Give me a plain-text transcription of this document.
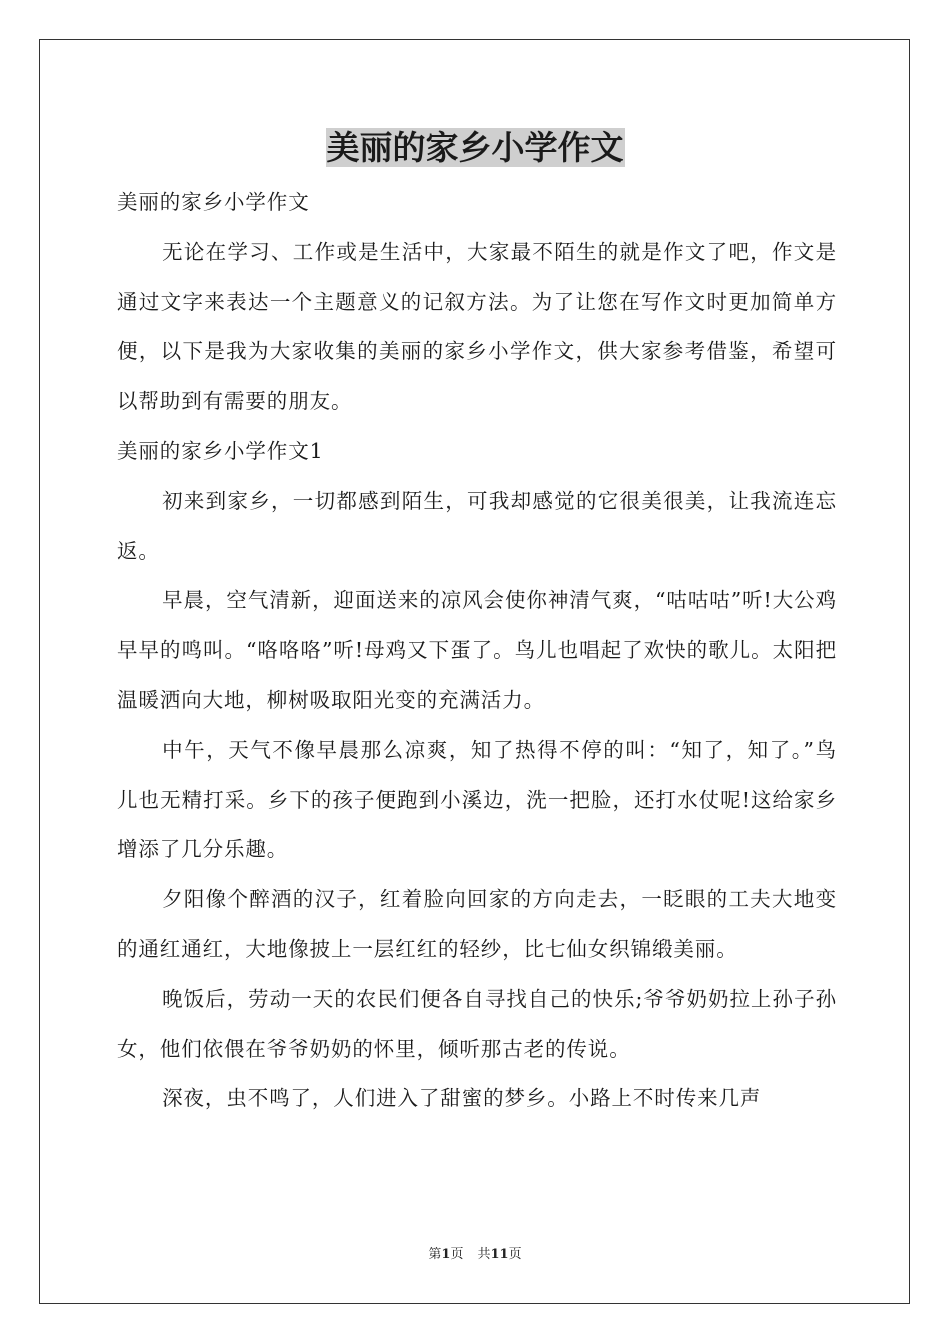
美丽的家乡小学作文

美丽的家乡小学作文

无论在学习、工作或是生活中，大家最不陌生的就是作文了吧，作文是通过文字来表达一个主题意义的记叙方法。为了让您在写作文时更加简单方便，以下是我为大家收集的美丽的家乡小学作文，供大家参考借鉴，希望可以帮助到有需要的朋友。

美丽的家乡小学作文1

初来到家乡，一切都感到陌生，可我却感觉的它很美很美，让我流连忘返。

早晨，空气清新，迎面送来的凉风会使你神清气爽，“咕咕咕”听!大公鸡早早的鸣叫。“咯咯咯”听!母鸡又下蛋了。鸟儿也唱起了欢快的歌儿。太阳把温暖洒向大地，柳树吸取阳光变的充满活力。

中午，天气不像早晨那么凉爽，知了热得不停的叫：“知了，知了。”鸟儿也无精打采。乡下的孩子便跑到小溪边，洗一把脸，还打水仗呢!这给家乡增添了几分乐趣。

夕阳像个醉酒的汉子，红着脸向回家的方向走去，一眨眼的工夫大地变的通红通红，大地像披上一层红红的轻纱，比七仙女织锦缎美丽。

晚饭后，劳动一天的农民们便各自寻找自己的快乐;爷爷奶奶拉上孙子孙女，他们依偎在爷爷奶奶的怀里，倾听那古老的传说。

深夜，虫不鸣了，人们进入了甜蜜的梦乡。小路上不时传来几声

第1页 共11页
